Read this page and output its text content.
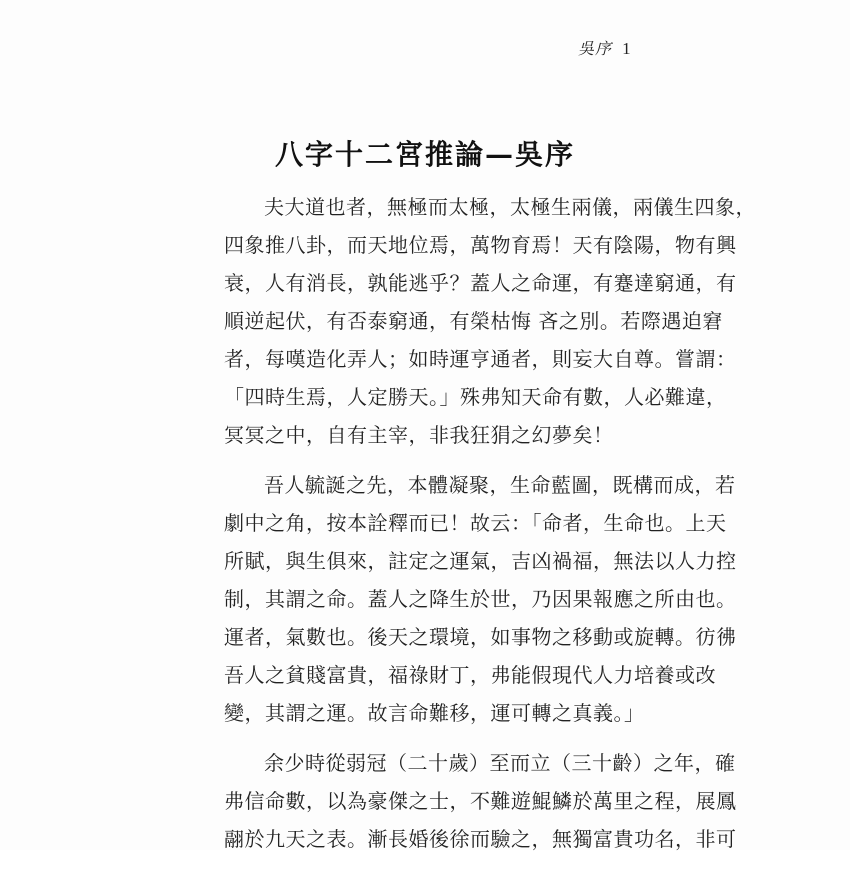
吳序 1
八字十二宮推論—吳序
夫大道也者，無極而太極，太極生兩儀，兩儀生四象，
四象推八卦，而天地位焉，萬物育焉！天有陰陽，物有興
衰，人有消長，孰能逃乎？蓋人之命運，有蹇達窮通，有
順逆起伏，有否泰窮通，有榮枯悔 吝之別。若際遇迫窘
者，每嘆造化弄人；如時運亨通者，則妄大自尊。嘗謂：
「四時生焉，人定勝天。」殊弗知天命有數，人必難違，
冥冥之中，自有主宰，非我狂狷之幻夢矣！
吾人毓誕之先，本體凝聚，生命藍圖，既構而成，若
劇中之角，按本詮釋而已！故云：「命者，生命也。上天
所賦，與生俱來，註定之運氣，吉凶禍福，無法以人力控
制，其謂之命。蓋人之降生於世，乃因果報應之所由也。
運者，氣數也。後天之環境，如事物之移動或旋轉。彷彿
吾人之貧賤富貴，福祿財丁，弗能假現代人力培養或改
變，其謂之運。故言命難移，運可轉之真義。」
余少時從弱冠（二十歲）至而立（三十齡）之年，確
弗信命數，以為豪傑之士，不難遊鯤鱗於萬里之程，展鳳
翮於九天之表。漸長婚後徐而驗之，無獨富貴功名，非可
